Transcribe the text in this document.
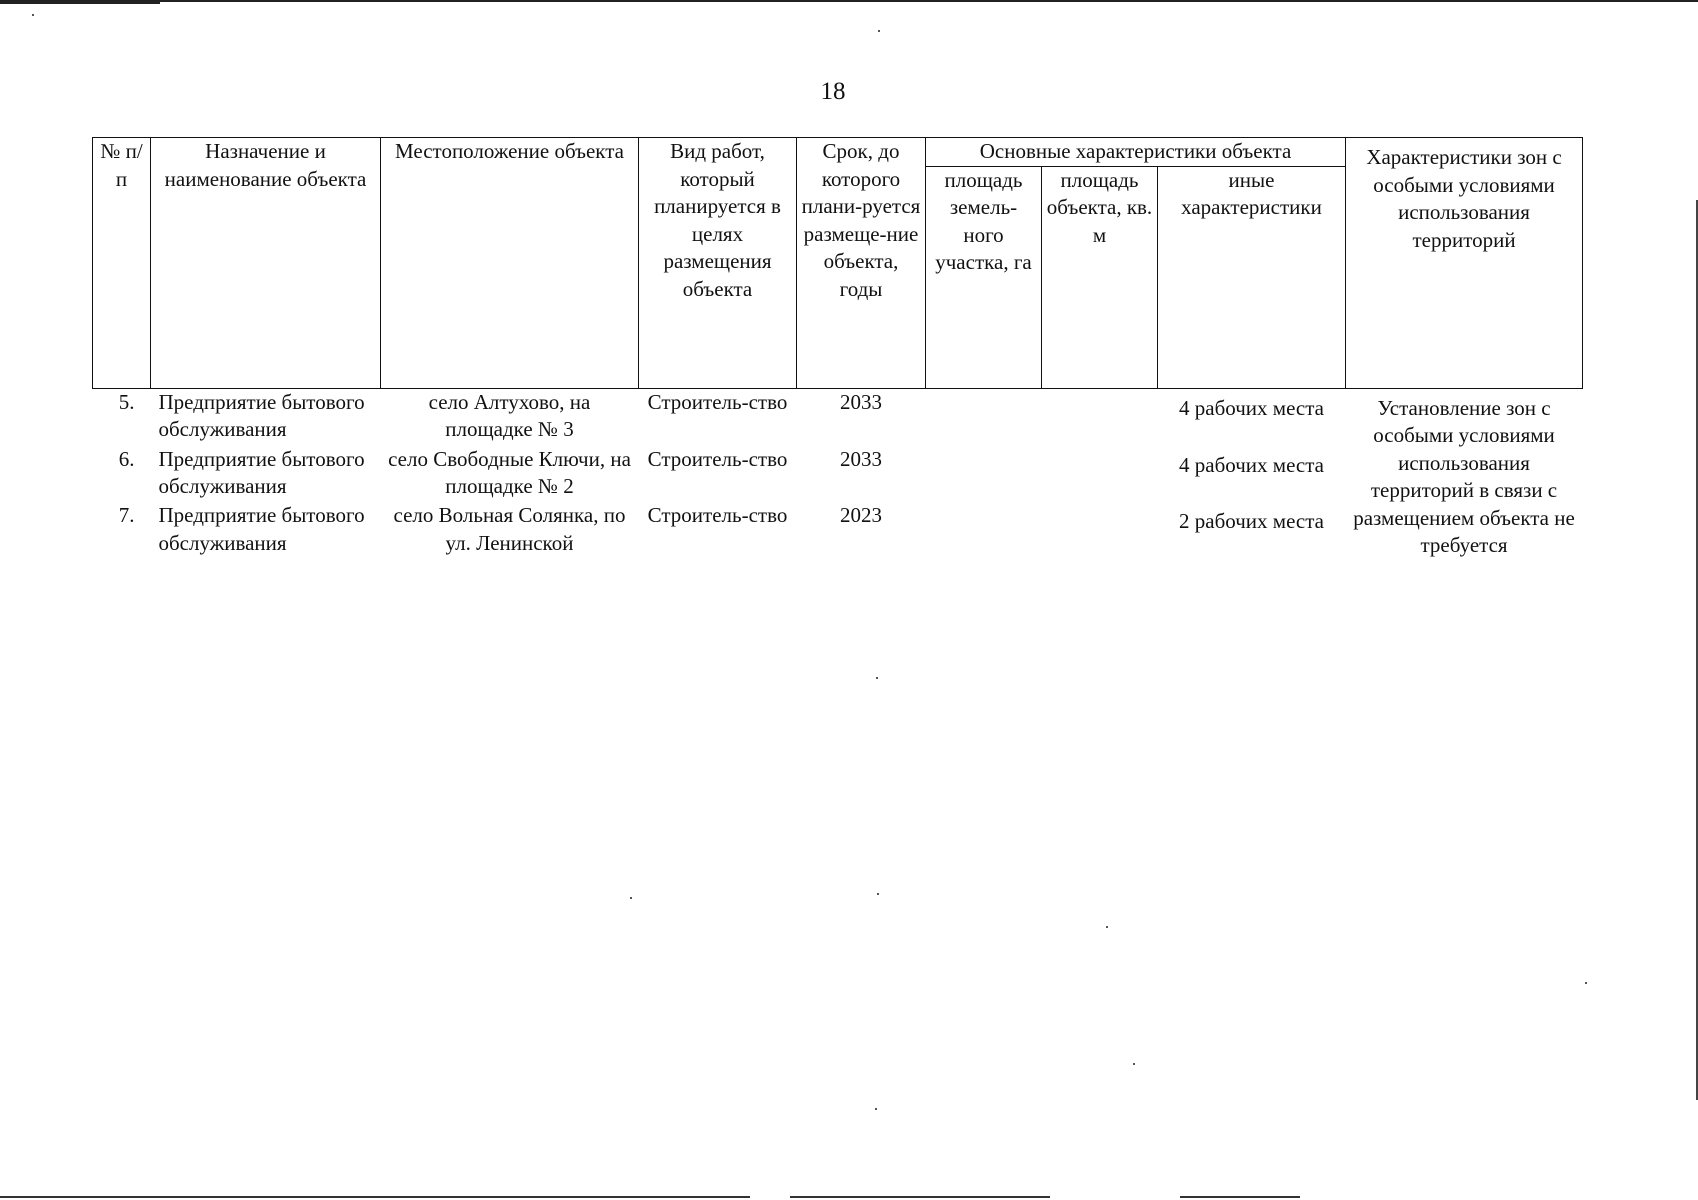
18
№ п/п	Назначение и наименование объекта	Местоположение объекта	Вид работ, который планируется в целях размещения объекта	Срок, до которого плани-руется размеще-ние объекта, годы	Основные характеристики объекта			Характеристики зон с особыми условиями использования территорий
					площадь земель-ного участка, га	площадь объекта, кв. м	иные характеристики	
5.	Предприятие бытового обслуживания	село Алтухово, на площадке № 3	Строитель-ство	2033			4 рабочих места	Установление зон с особыми условиями использования территорий в связи с размещением объекта не требуется
6.	Предприятие бытового обслуживания	село Свободные Ключи, на площадке № 2	Строитель-ство	2033			4 рабочих места	
7.	Предприятие бытового обслуживания	село Вольная Солянка, по ул. Ленинской	Строитель-ство	2023			2 рабочих места	
